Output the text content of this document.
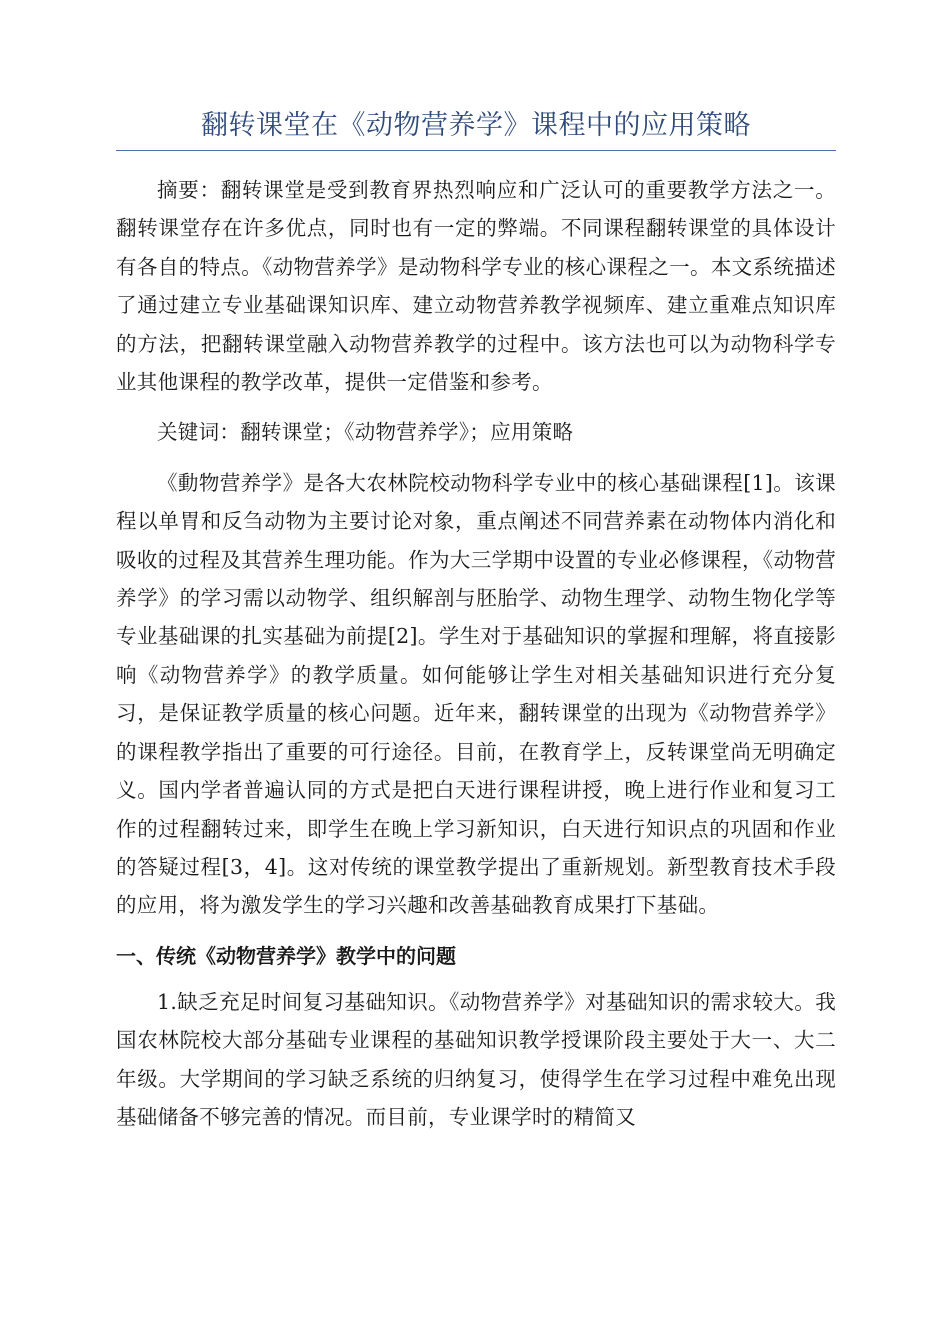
翻转课堂在《动物营养学》课程中的应用策略

摘要：翻转课堂是受到教育界热烈响应和广泛认可的重要教学方法之一。翻转课堂存在许多优点，同时也有一定的弊端。不同课程翻转课堂的具体设计有各自的特点。《动物营养学》是动物科学专业的核心课程之一。本文系统描述了通过建立专业基础课知识库、建立动物营养教学视频库、建立重难点知识库的方法，把翻转课堂融入动物营养教学的过程中。该方法也可以为动物科学专业其他课程的教学改革，提供一定借鉴和参考。

关键词：翻转课堂；《动物营养学》；应用策略

《動物营养学》是各大农林院校动物科学专业中的核心基础课程[1]。该课程以单胃和反刍动物为主要讨论对象，重点阐述不同营养素在动物体内消化和吸收的过程及其营养生理功能。作为大三学期中设置的专业必修课程，《动物营养学》的学习需以动物学、组织解剖与胚胎学、动物生理学、动物生物化学等专业基础课的扎实基础为前提[2]。学生对于基础知识的掌握和理解，将直接影响《动物营养学》的教学质量。如何能够让学生对相关基础知识进行充分复习，是保证教学质量的核心问题。近年来，翻转课堂的出现为《动物营养学》的课程教学指出了重要的可行途径。目前，在教育学上，反转课堂尚无明确定义。国内学者普遍认同的方式是把白天进行课程讲授，晚上进行作业和复习工作的过程翻转过来，即学生在晚上学习新知识，白天进行知识点的巩固和作业的答疑过程[3，4]。这对传统的课堂教学提出了重新规划。新型教育技术手段的应用，将为激发学生的学习兴趣和改善基础教育成果打下基础。

一、传统《动物营养学》教学中的问题

1.缺乏充足时间复习基础知识。《动物营养学》对基础知识的需求较大。我国农林院校大部分基础专业课程的基础知识教学授课阶段主要处于大一、大二年级。大学期间的学习缺乏系统的归纳复习，使得学生在学习过程中难免出现基础储备不够完善的情况。而目前，专业课学时的精简又
